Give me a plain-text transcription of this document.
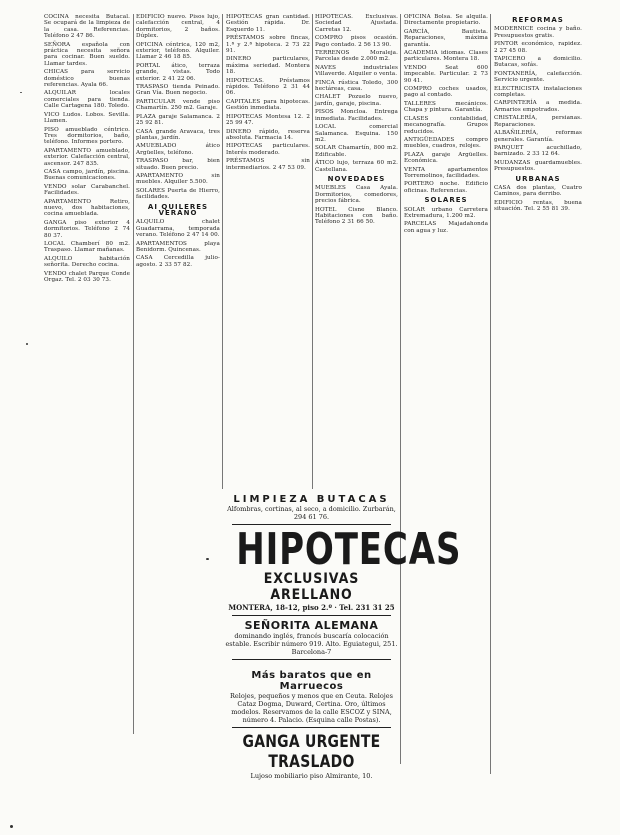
COCINA necesita Butacal. Se ocupará de la limpieza de la casa. Referencias. Teléfono 2 47 86.

SEÑORA española con práctica necesita señora para cocinar. Buen sueldo. Llamar tardes.

CHICAS para servicio doméstico buenas referencias. Ayala 66.

ALQUILAR locales comerciales para tienda. Calle Cartagena 180. Toledo.

VICO Ludos. Lobos. Sevilla. Llamen.

PISO amueblado céntrico. Tres dormitorios, baño, teléfono. Informes portero.

APARTAMENTO amueblado, exterior. Calefacción central, ascensor. 247 835.

CASA campo, jardín, piscina. Buenas comunicaciones.

VENDO solar Carabanchel. Facilidades.

APARTAMENTO Retiro, nuevo, dos habitaciones, cocina amueblada.

GANGA piso exterior 4 dormitorios. Teléfono 2 74 80 37.

LOCAL Chamberí 80 m2. Traspaso. Llamar mañanas.

ALQUILO habitación señorita. Derecho cocina.

VENDO chalet Parque Conde Orgaz. Tel. 2 03 30 73.

EDIFICIO nuevo. Pisos lujo, calefacción central, 4 dormitorios, 2 baños. Dúplex.

OFICINA céntrica, 120 m2, exterior, teléfono. Alquiler. Llamar 2 46 18 85.

PORTAL ático, terraza grande, vistas. Todo exterior. 2 41 22 06.

TRASPASO tienda Peinado. Gran Vía. Buen negocio.

PARTICULAR vende piso Chamartín. 250 m2. Garaje.

PLAZA garaje Salamanca. 2 25 92 81.

CASA grande Aravaca, tres plantas, jardín.

AMUEBLADO ático Argüelles, teléfono.

TRASPASO bar, bien situado. Buen precio.

APARTAMENTO sin muebles. Alquiler 5.500.

SOLARES Puerta de Hierro, facilidades.

AI QUILERES VERANO

ALQUILO chalet Guadarrama, temporada verano. Teléfono 2 47 14 00.

APARTAMENTOS playa Benidorm. Quincenas.

CASA Cercedilla julio-agosto. 2 33 57 82.

HIPOTECAS gran cantidad. Gestión rápida. Dr. Esquerdo 11.

PRÉSTAMOS sobre fincas, 1.ª y 2.ª hipoteca. 2 73 22 91.

DINERO particulares, máxima seriedad. Montera 18.

HIPOTECAS. Préstamos rápidos. Teléfono 2 31 44 06.

CAPITALES para hipotecas. Gestión inmediata.

HIPOTECAS Montesa 12. 2 25 99 47.

DINERO rápido, reserva absoluta. Farmacia 14.

HIPOTECAS particulares. Interés moderado.

PRÉSTAMOS sin intermediarios. 2 47 53 09.

HIPOTECAS. Exclusivas. Sociedad Ajustada. Carretas 12.

COMPRO pisos ocasión. Pago contado. 2 56 13 90.

TERRENOS Moraleja. Parcelas desde 2.000 m2.

NAVES industriales Villaverde. Alquiler o venta.

FINCA rústica Toledo, 300 hectáreas, casa.

CHALET Pozuelo nuevo, jardín, garaje, piscina.

PISOS Moncloa. Entrega inmediata. Facilidades.

LOCAL comercial Salamanca. Esquina. 150 m2.

SOLAR Chamartín, 800 m2. Edificable.

ÁTICO lujo, terraza 60 m2. Castellana.

NOVEDADES

MUEBLES Casa Ayala. Dormitorios, comedores, precios fábrica.

HOTEL Cisne Blanco. Habitaciones con baño. Teléfono 2 31 66 50.

OFICINA Bolsa. Se alquila. Directamente propietario.

GARCÍA, Bautista. Reparaciones, máxima garantía.

ACADEMIA idiomas. Clases particulares. Montera 18.

VENDO Seat 600 impecable. Particular. 2 73 90 41.

COMPRO coches usados, pago al contado.

TALLERES mecánicos. Chapa y pintura. Garantía.

CLASES contabilidad, mecanografía. Grupos reducidos.

ANTIGÜEDADES compro muebles, cuadros, relojes.

PLAZA garaje Argüelles. Económica.

VENTA apartamentos Torremolinos, facilidades.

PORTERO noche. Edificio oficinas. Referencias.

SOLARES

SOLAR urbano Carretera Extremadura, 1.200 m2.

PARCELAS Majadahonda con agua y luz.

REFORMAS

MODERNICE cocina y baño. Presupuestos gratis.

PINTOR económico, rapidez. 2 27 45 08.

TAPICERO a domicilio. Butacas, sofás.

FONTANERÍA, calefacción. Servicio urgente.

ELECTRICISTA instalaciones completas.

CARPINTERÍA a medida. Armarios empotrados.

CRISTALERÍA, persianas. Reparaciones.

ALBAÑILERÍA, reformas generales. Garantía.

PARQUET acuchillado, barnizado. 2 33 12 64.

MUDANZAS guardamuebles. Presupuestos.

URBANAS

CASA dos plantas, Cuatro Caminos, para derribo.

EDIFICIO rentas, buena situación. Tel. 2 55 81 39.

LIMPIEZA BUTACAS
Alfombras, cortinas, al seco, a domicilio. Zurbarán, 294 61 76.
HIPOTECAS
EXCLUSIVAS ARELLANO
MONTERA, 18-12, piso 2.º · Tel. 231 31 25
SEÑORITA ALEMANA
dominando inglés, francés buscaría colocación estable. Escribir número 919. Alto. Eguiategui, 251. Barcelona-7
Más baratos que en Marruecos
Relojes, pequeños y menos que en Ceuta. Relojes Cataz Dogma, Duward, Certina. Oro, últimos modelos. Reservamos de la calle ESCOZ y SINA, número 4. Palacio. (Esquina calle Postas).
GANGA URGENTE TRASLADO
Lujoso mobiliario piso Almirante, 10.
